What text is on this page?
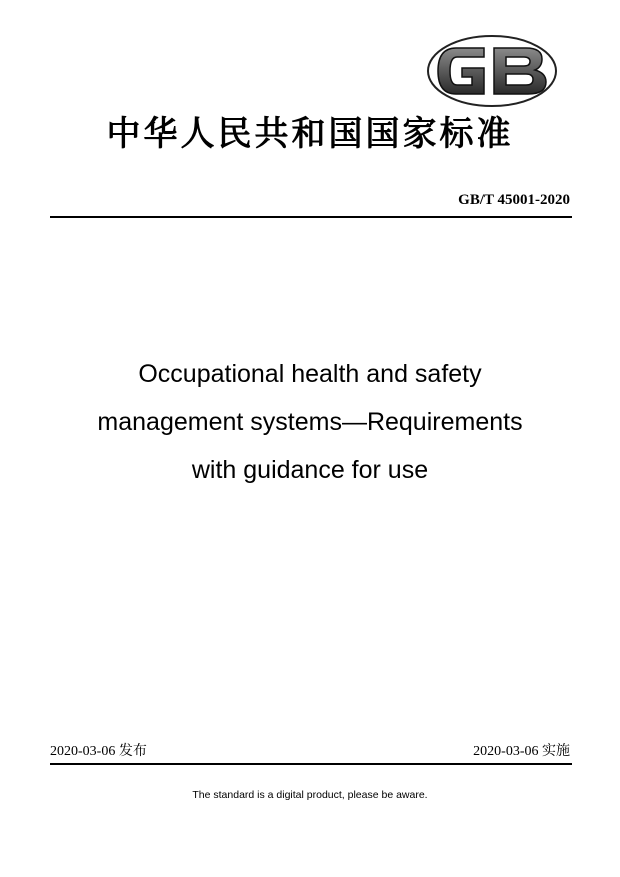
中华人民共和国国家标准
GB/T 45001-2020
Occupational health and safety
management systems—Requirements
with guidance for use
2020-03-06 发布	2020-03-06 实施
The standard is a digital product, please be aware.
